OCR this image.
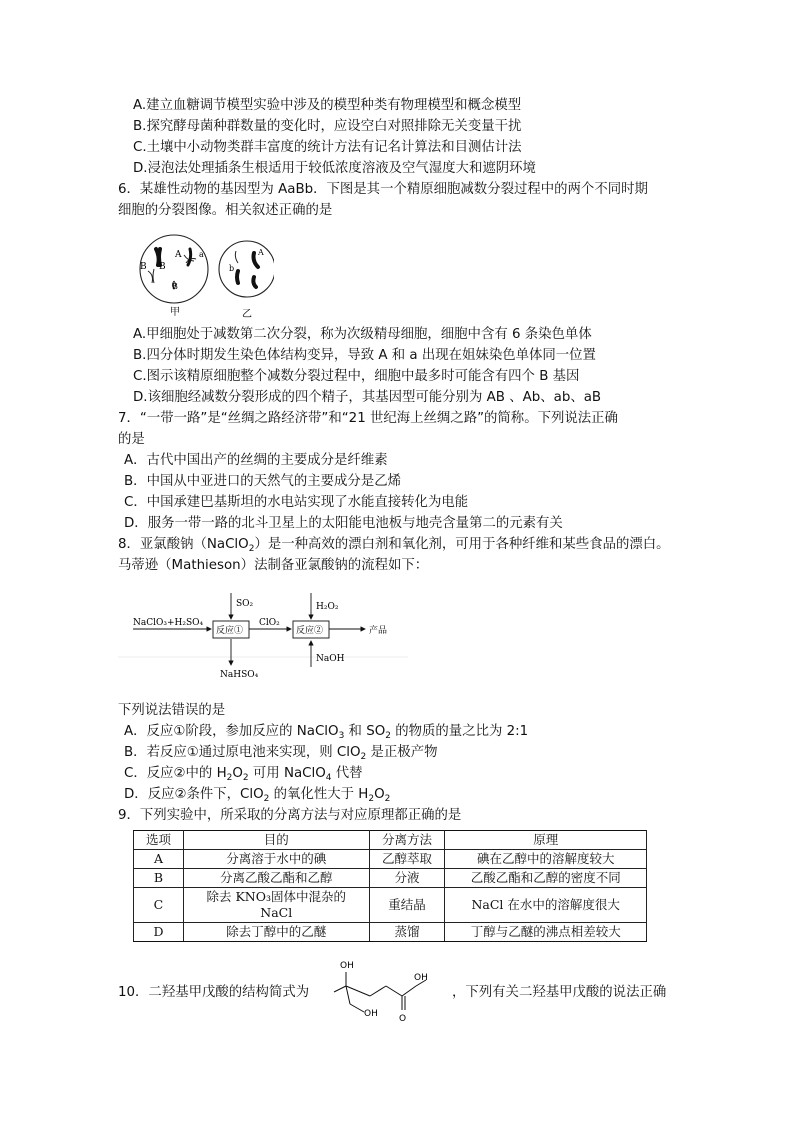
A.建立血糖调节模型实验中涉及的模型种类有物理模型和概念模型
B.探究酵母菌种群数量的变化时，应设空白对照排除无关变量干扰
C.土壤中小动物类群丰富度的统计方法有记名计算法和目测估计法
D.浸泡法处理插条生根适用于较低浓度溶液及空气湿度大和遮阴环境
6．某雄性动物的基因型为 AaBb．下图是其一个精原细胞减数分裂过程中的两个不同时期
细胞的分裂图像。相关叙述正确的是
B B
A a
B
b
A
甲	乙
A.甲细胞处于减数第二次分裂，称为次级精母细胞，细胞中含有 6 条染色单体
B.四分体时期发生染色体结构变异，导致 A 和 a 出现在姐妹染色单体同一位置
C.图示该精原细胞整个减数分裂过程中，细胞中最多时可能含有四个 B 基因
D.该细胞经减数分裂形成的四个精子，其基因型可能分别为 AB 、Ab、ab、aB
7．“一带一路”是“丝绸之路经济带”和“21 世纪海上丝绸之路”的简称。下列说法正确
的是
A．古代中国出产的丝绸的主要成分是纤维素
B．中国从中亚进口的天然气的主要成分是乙烯
C．中国承建巴基斯坦的水电站实现了水能直接转化为电能
D．服务一带一路的北斗卫星上的太阳能电池板与地壳含量第二的元素有关
8．亚氯酸钠（NaClO$_2$）是一种高效的漂白剂和氧化剂，可用于各种纤维和某些食品的漂白。
马蒂逊（Mathieson）法制备亚氯酸钠的流程如下：
NaClO₃+H₂SO₄
反应①
SO₂
NaHSO₄
ClO₂
反应②
H₂O₂
NaOH
产品
下列说法错误的是
A．反应①阶段，参加反应的 NaClO$_3$ 和 $SO_2$ 的物质的量之比为 2:1
B．若反应①通过原电池来实现，则 ClO$_2$ 是正极产物
C．反应②中的 $H_2O_2$ 可用 NaClO$_4$ 代替
D．反应②条件下，ClO$_2$ 的氧化性大于 $H_2O_2$
9．下列实验中，所采取的分离方法与对应原理都正确的是
选项	目的	分离方法	原理
A	分离溶于水中的碘	乙醇萃取	碘在乙醇中的溶解度较大
B	分离乙酸乙酯和乙醇	分液	乙酸乙酯和乙醇的密度不同
C	除去 KNO₃固体中混杂的
NaCl	重结晶	NaCl 在水中的溶解度很大
D	除去丁醇中的乙醚	蒸馏	丁醇与乙醚的沸点相差较大
10．二羟基甲戊酸的结构简式为
OH
OH
OH O
，下列有关二羟基甲戊酸的说法正确
